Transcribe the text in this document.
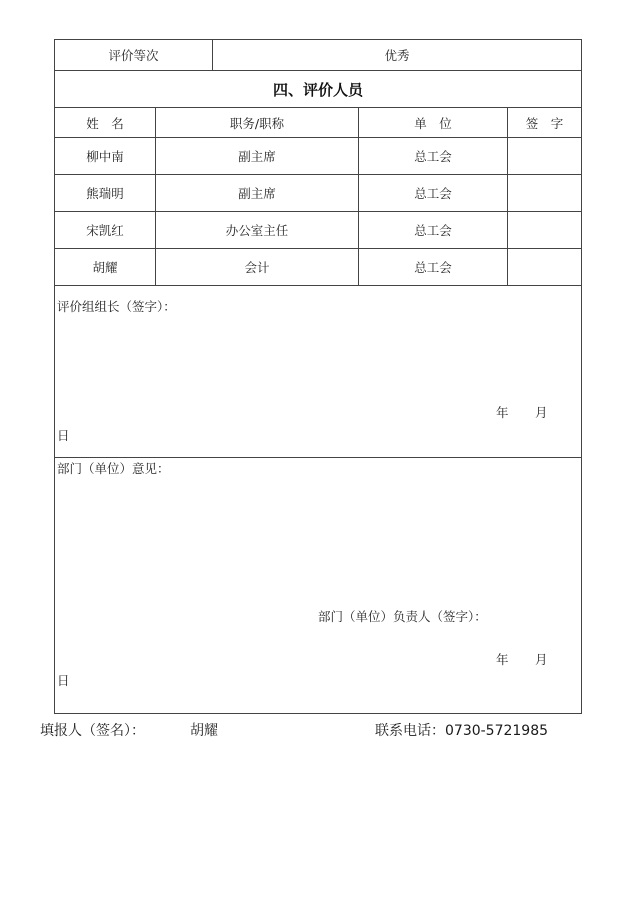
评价等次	优秀
四、评价人员
姓　名	职务/职称	单　位	签　字
柳中南	副主席	总工会
熊瑞明	副主席	总工会
宋凯红	办公室主任	总工会
胡耀	会计	总工会
评价组组长（签字）：
年 月
日
部门（单位）意见：
部门（单位）负责人（签字）：
年 月
日
填报人（签名）：	胡耀	联系电话：0730-5721985
